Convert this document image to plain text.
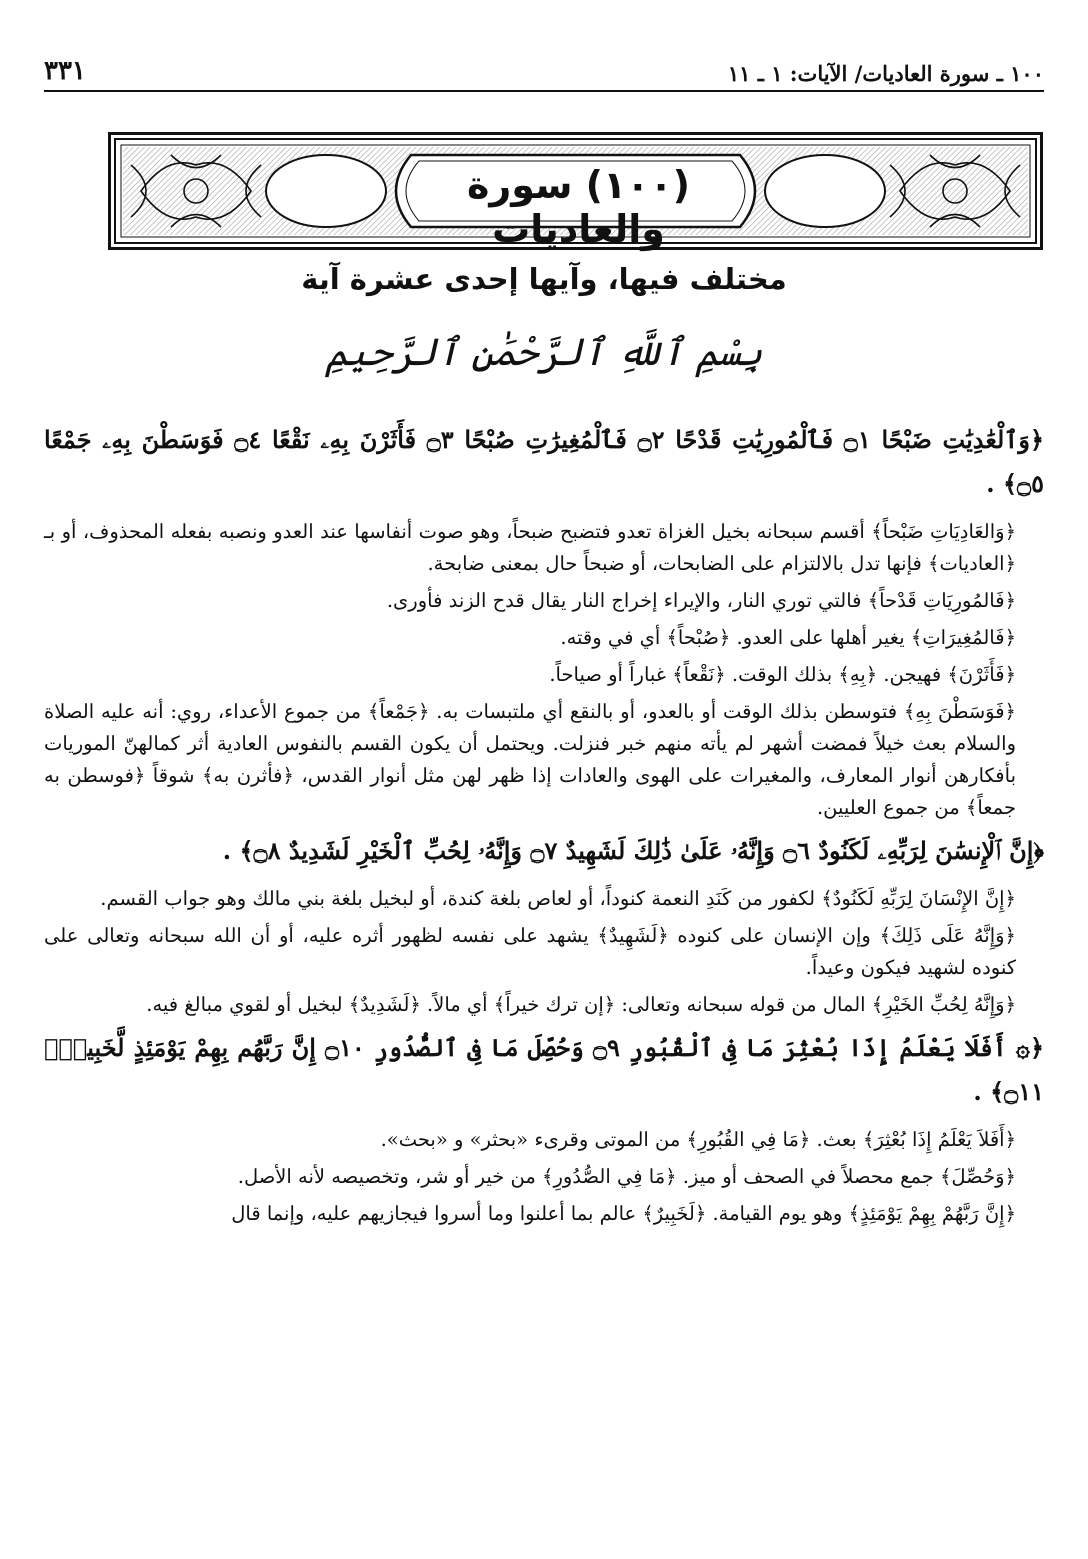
١٠٠ ـ سورة العاديات/ الآيات: ١ ـ ١١
٣٣١
(١٠٠) سورة والعاديات
مختلف فيها، وآيها إحدى عشرة آية
بِسْمِ ٱللَّهِ ٱلرَّحْمَٰنِ ٱلرَّحِيمِ

﴿وَٱلْعَٰدِيَٰتِ ضَبْحًا ۝١ فَٱلْمُورِيَٰتِ قَدْحًا ۝٢ فَٱلْمُغِيرَٰتِ صُبْحًا ۝٣ فَأَثَرْنَ بِهِۦ نَقْعًا ۝٤ فَوَسَطْنَ بِهِۦ جَمْعًا ۝٥﴾ .

﴿وَالعَادِيَاتِ ضَبْحاً﴾ أقسم سبحانه بخيل الغزاة تعدو فتضبح ضبحاً، وهو صوت أنفاسها عند العدو ونصبه بفعله المحذوف، أو بـ ﴿العاديات﴾ فإنها تدل بالالتزام على الضابحات، أو ضبحاً حال بمعنى ضابحة.

﴿فَالمُورِيَاتِ قَدْحاً﴾ فالتي توري النار، والإيراء إخراج النار يقال قدح الزند فأورى.

﴿فَالمُغِيرَاتِ﴾ يغير أهلها على العدو. ﴿صُبْحاً﴾ أي في وقته.

﴿فَأَثَرْنَ﴾ فهيجن. ﴿بِهِ﴾ بذلك الوقت. ﴿نَقْعاً﴾ غباراً أو صياحاً.

﴿فَوَسَطْنَ بِهِ﴾ فتوسطن بذلك الوقت أو بالعدو، أو بالنقع أي ملتبسات به. ﴿جَمْعاً﴾ من جموع الأعداء، روي: أنه عليه الصلاة والسلام بعث خيلاً فمضت أشهر لم يأته منهم خبر فنزلت. ويحتمل أن يكون القسم بالنفوس العادية أثر كمالهنّ الموريات بأفكارهن أنوار المعارف، والمغيرات على الهوى والعادات إذا ظهر لهن مثل أنوار القدس، ﴿فأثرن به﴾ شوقاً ﴿فوسطن به جمعاً﴾ من جموع العليين.

﴿إِنَّ ٱلْإِنسَٰنَ لِرَبِّهِۦ لَكَنُودٌ ۝٦ وَإِنَّهُۥ عَلَىٰ ذَٰلِكَ لَشَهِيدٌ ۝٧ وَإِنَّهُۥ لِحُبِّ ٱلْخَيْرِ لَشَدِيدٌ ۝٨﴾ .

﴿إِنَّ الإِنْسَانَ لِرَبِّهِ لَكَنُودٌ﴾ لكفور من كَنَدِ النعمة كنوداً، أو لعاص بلغة كندة، أو لبخيل بلغة بني مالك وهو جواب القسم.

﴿وَإِنَّهُ عَلَى ذَلِكَ﴾ وإن الإنسان على كنوده ﴿لَشَهِيدٌ﴾ يشهد على نفسه لظهور أثره عليه، أو أن الله سبحانه وتعالى على كنوده لشهيد فيكون وعيداً.

﴿وَإِنَّهُ لِحُبِّ الخَيْرِ﴾ المال من قوله سبحانه وتعالى: ﴿إن ترك خيراً﴾ أي مالاً. ﴿لَشَدِيدٌ﴾ لبخيل أو لقوي مبالغ فيه.

﴿۞ أَفَلَا يَعْلَمُ إِذَا بُعْثِرَ مَا فِى ٱلْقُبُورِ ۝٩ وَحُصِّلَ مَا فِى ٱلصُّدُورِ ۝١٠ إِنَّ رَبَّهُم بِهِمْ يَوْمَئِذٍ لَّخَبِيرٌۢ ۝١١﴾ .

﴿أَفَلاَ يَعْلَمُ إِذَا بُعْثِرَ﴾ بعث. ﴿مَا فِي القُبُورِ﴾ من الموتى وقرىء «بحثر» و «بحث».

﴿وَحُصِّلَ﴾ جمع محصلاً في الصحف أو ميز. ﴿مَا فِي الصُّدُورِ﴾ من خير أو شر، وتخصيصه لأنه الأصل.

﴿إِنَّ رَبَّهُمْ بِهِمْ يَوْمَئِذٍ﴾ وهو يوم القيامة. ﴿لَخَبِيرٌ﴾ عالم بما أعلنوا وما أسروا فيجازيهم عليه، وإنما قال
